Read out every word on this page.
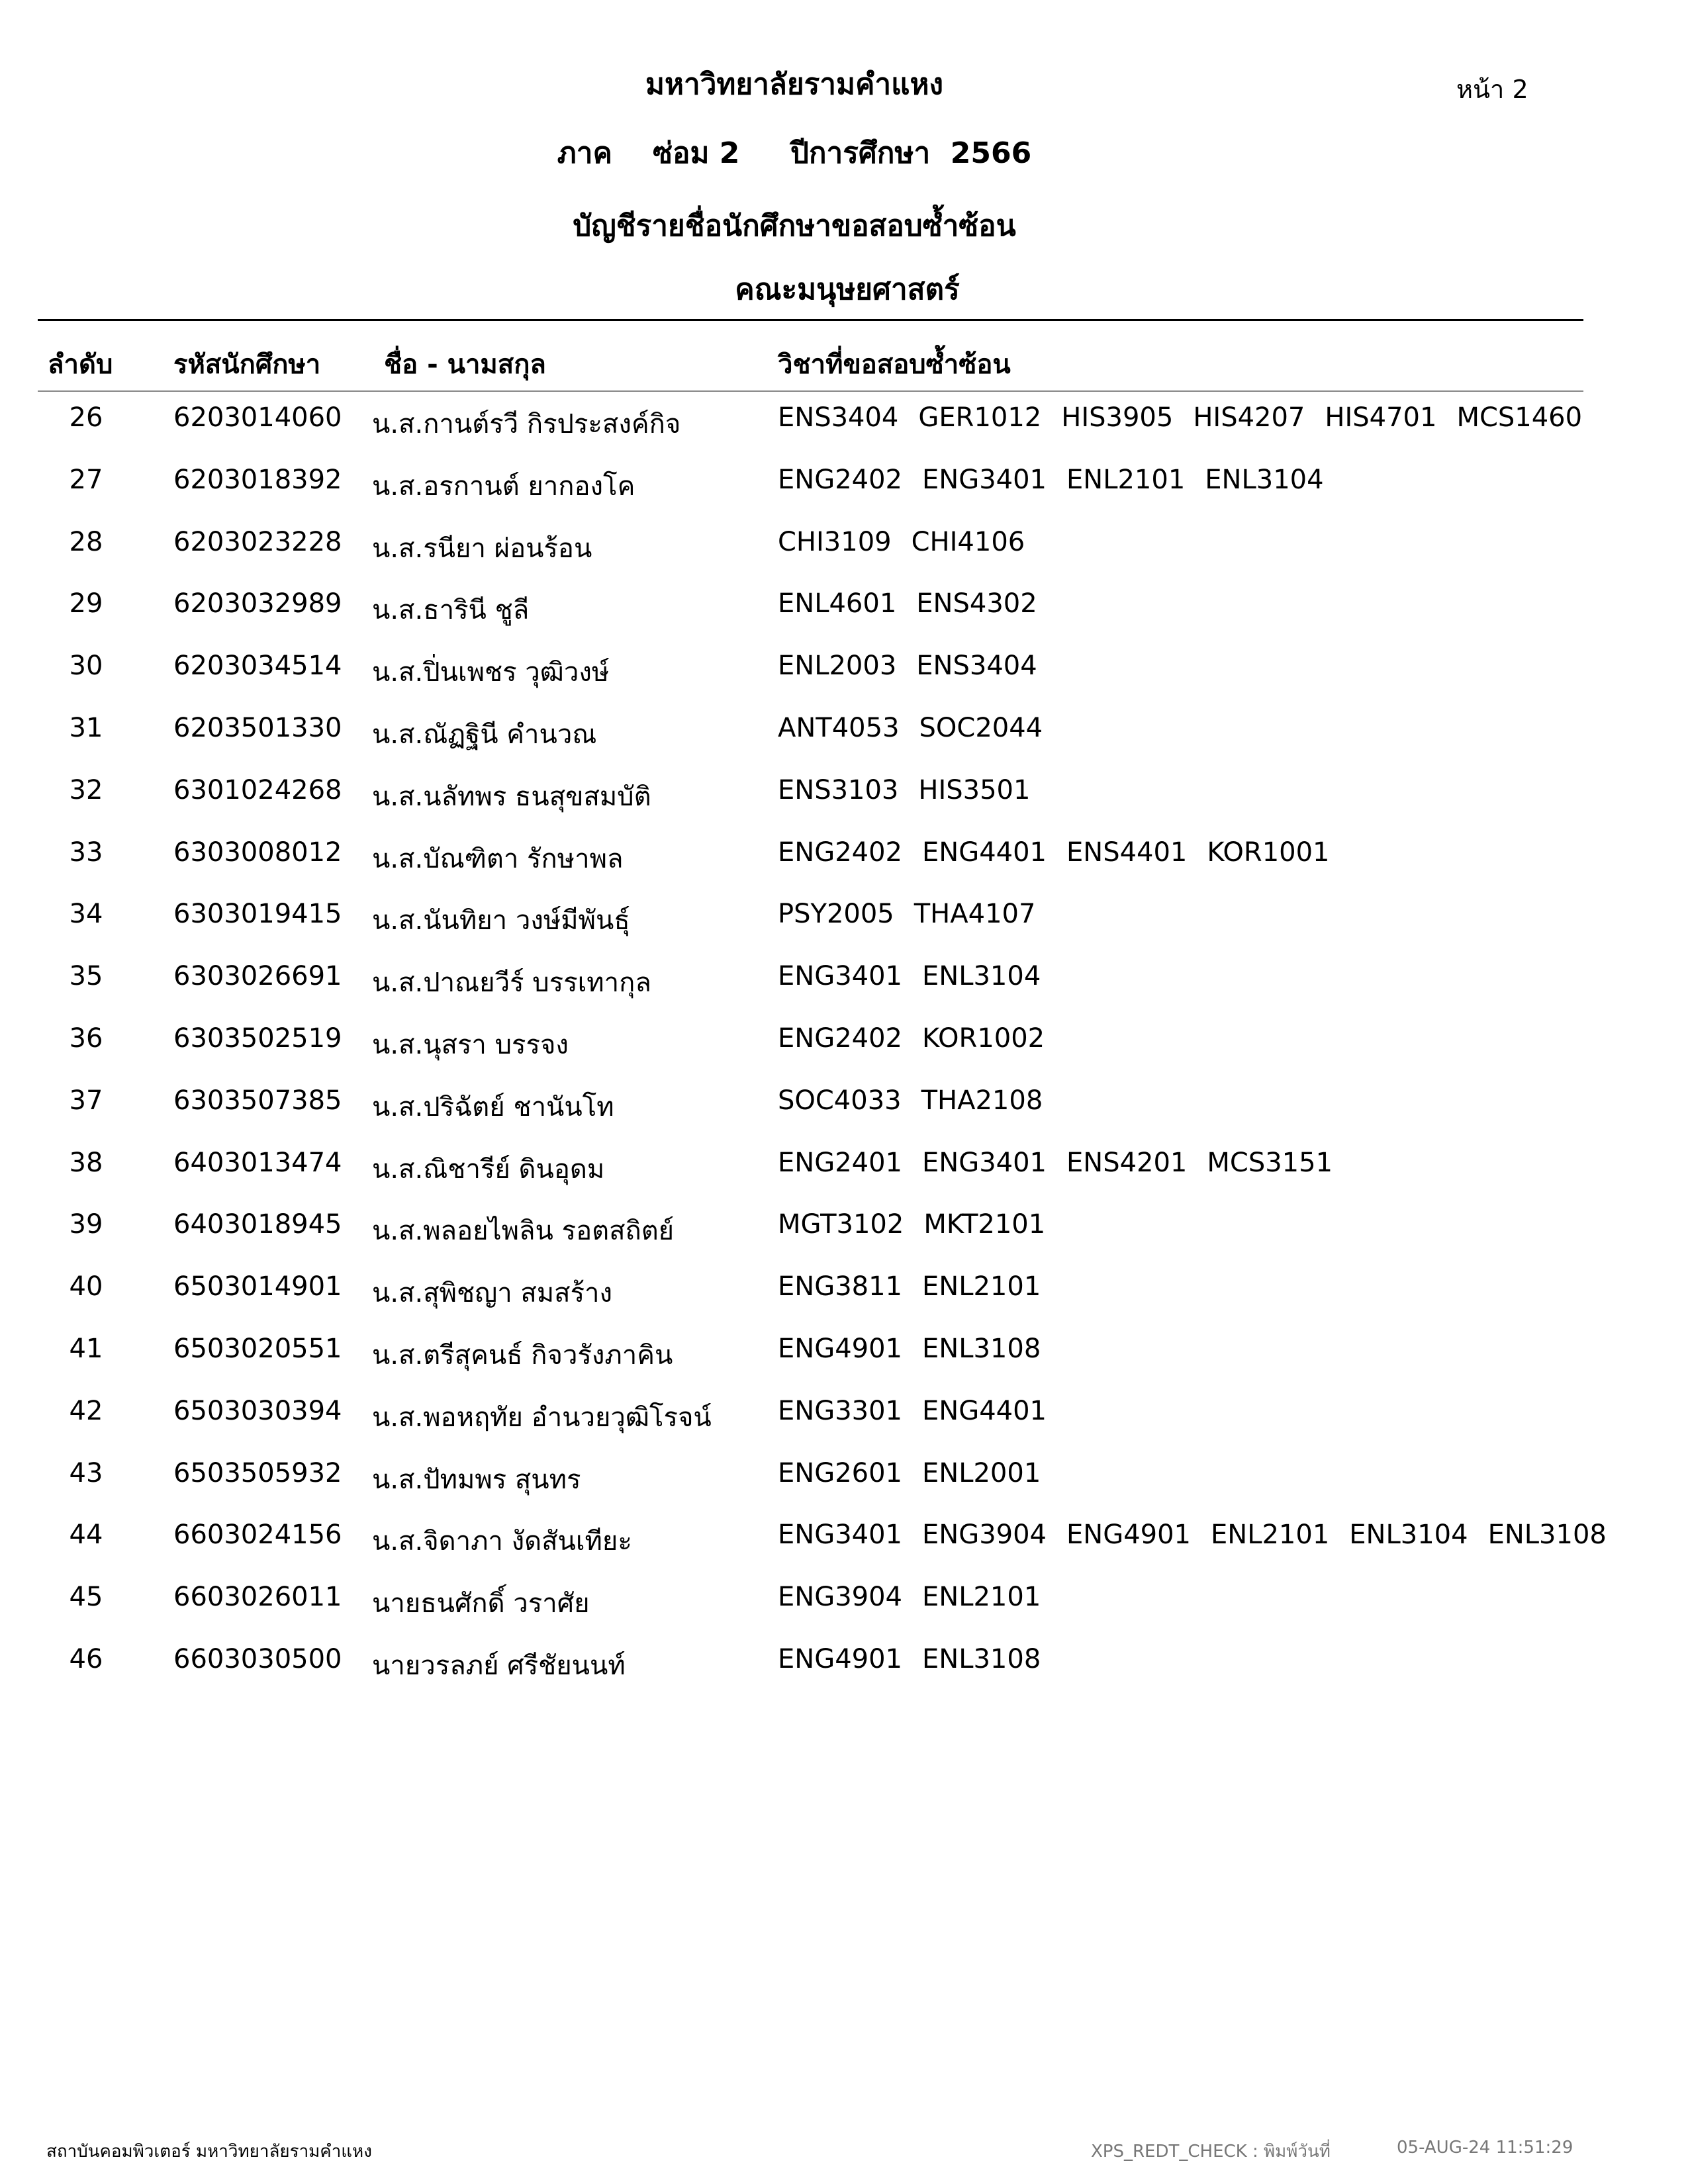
มหาวิทยาลัยรามคำแหง	หน้า 2
ภาค    ซ่อม 2     ปีการศึกษา  2566
บัญชีรายชื่อนักศึกษาขอสอบซ้ำซ้อน
คณะมนุษยศาสตร์
ลำดับ รหัสนักศึกษา ชื่อ - นามสกุล	วิชาที่ขอสอบซ้ำซ้อน
26	6203014060 น.ส.กานต์รวี กิรประสงค์กิจ	ENS3404 GER1012 HIS3905 HIS4207 HIS4701 MCS1460
27	6203018392 น.ส.อรกานต์ ยากองโค	ENG2402 ENG3401 ENL2101 ENL3104
28	6203023228 น.ส.รนียา ผ่อนร้อน	CHI3109 CHI4106
29	6203032989 น.ส.ธารินี ชูลี	ENL4601 ENS4302
30	6203034514 น.ส.ปิ่นเพชร วุฒิวงษ์	ENL2003 ENS3404
31	6203501330 น.ส.ณัฏฐินี คำนวณ	ANT4053 SOC2044
32	6301024268 น.ส.นลัทพร ธนสุขสมบัติ	ENS3103 HIS3501
33	6303008012 น.ส.บัณฑิตา รักษาพล	ENG2402 ENG4401 ENS4401 KOR1001
34	6303019415 น.ส.นันทิยา วงษ์มีพันธุ์	PSY2005 THA4107
35	6303026691 น.ส.ปาณยวีร์ บรรเทากุล	ENG3401 ENL3104
36	6303502519 น.ส.นุสรา บรรจง	ENG2402 KOR1002
37	6303507385 น.ส.ปริฉัตย์ ชานันโท	SOC4033 THA2108
38	6403013474 น.ส.ณิชารีย์ ดินอุดม	ENG2401 ENG3401 ENS4201 MCS3151
39	6403018945 น.ส.พลอยไพลิน รอตสถิตย์	MGT3102 MKT2101
40	6503014901 น.ส.สุพิชญา สมสร้าง	ENG3811 ENL2101
41	6503020551 น.ส.ตรีสุคนธ์ กิจวรังภาคิน	ENG4901 ENL3108
42	6503030394 น.ส.พอหฤทัย อำนวยวุฒิโรจน์	ENG3301 ENG4401
43	6503505932 น.ส.ปัทมพร สุนทร	ENG2601 ENL2001
44	6603024156 น.ส.จิดาภา งัดสันเทียะ	ENG3401 ENG3904 ENG4901 ENL2101 ENL3104 ENL3108
45	6603026011 นายธนศักดิ์ วราศัย	ENG3904 ENL2101
46	6603030500 นายวรลภย์ ศรีชัยนนท์	ENG4901 ENL3108
สถาบันคอมพิวเตอร์ มหาวิทยาลัยรามคำแหง	XPS_REDT_CHECK : พิมพ์วันที่	05-AUG-24 11:51:29
